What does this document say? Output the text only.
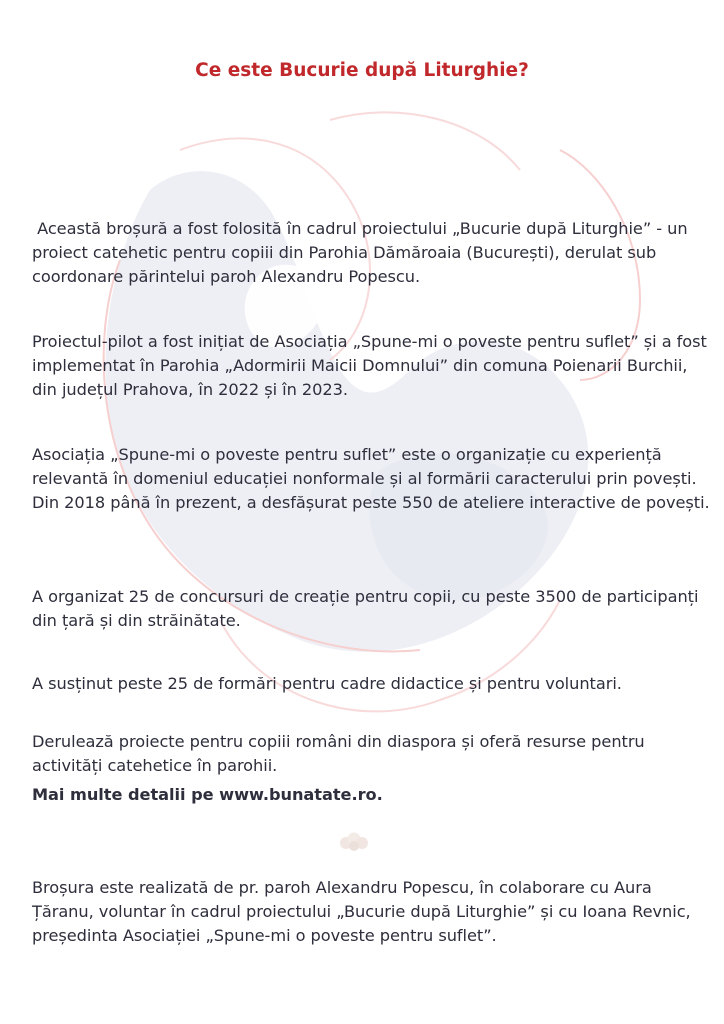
Ce este Bucurie după Liturghie?

Această broșură a fost folosită în cadrul proiectului „Bucurie după Liturghie” - un proiect catehetic pentru copiii din Parohia Dămăroaia (București), derulat sub coordonare părintelui paroh Alexandru Popescu.

Proiectul-pilot a fost inițiat de Asociația „Spune-mi o poveste pentru suflet” și a fost implementat în Parohia „Adormirii Maicii Domnului” din comuna Poienarii Burchii, din județul Prahova, în 2022 și în 2023.

Asociația „Spune-mi o poveste pentru suflet” este o organizație cu experiență relevantă în domeniul educației nonformale și al formării caracterului prin povești. Din 2018 până în prezent, a desfășurat peste 550 de ateliere interactive de povești.

A organizat 25 de concursuri de creație pentru copii, cu peste 3500 de participanți din țară și din străinătate.

A susținut peste 25 de formări pentru cadre didactice și pentru voluntari.

Derulează proiecte pentru copiii români din diaspora și oferă resurse pentru activități catehetice în parohii.

Mai multe detalii pe www.bunatate.ro.

Broșura este realizată de pr. paroh Alexandru Popescu, în colaborare cu Aura Țăranu, voluntar în cadrul proiectului „Bucurie după Liturghie” și cu Ioana Revnic, președinta Asociației „Spune-mi o poveste pentru suflet”.
